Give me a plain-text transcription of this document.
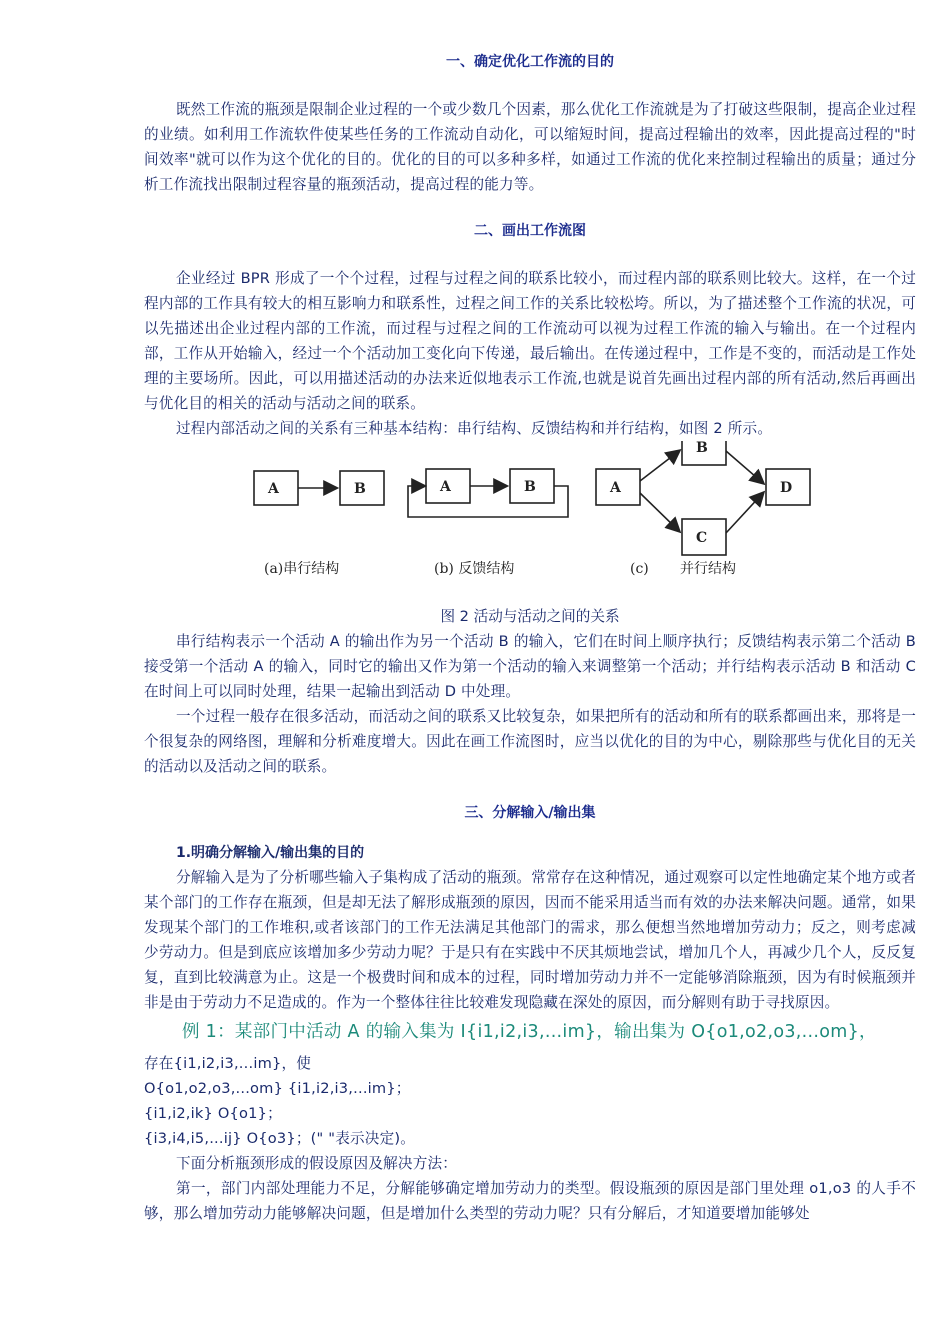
一、确定优化工作流的目的

既然工作流的瓶颈是限制企业过程的一个或少数几个因素，那么优化工作流就是为了打破这些限制，提高企业过程的业绩。如利用工作流软件使某些任务的工作流动自动化，可以缩短时间，提高过程输出的效率，因此提高过程的"时间效率"就可以作为这个优化的目的。优化的目的可以多种多样，如通过工作流的优化来控制过程输出的质量；通过分析工作流找出限制过程容量的瓶颈活动，提高过程的能力等。

二、画出工作流图

企业经过 BPR 形成了一个个过程，过程与过程之间的联系比较小，而过程内部的联系则比较大。这样，在一个过程内部的工作具有较大的相互影响力和联系性，过程之间工作的关系比较松垮。所以，为了描述整个工作流的状况，可以先描述出企业过程内部的工作流，而过程与过程之间的工作流动可以视为过程工作流的输入与输出。在一个过程内部，工作从开始输入，经过一个个活动加工变化向下传递，最后输出。在传递过程中，工作是不变的，而活动是工作处理的主要场所。因此，可以用描述活动的办法来近似地表示工作流,也就是说首先画出过程内部的所有活动,然后再画出与优化目的相关的活动与活动之间的联系。

过程内部活动之间的关系有三种基本结构：串行结构、反馈结构和并行结构，如图 2 所示。

A	B
(a)串行结构
A	B
(b) 反馈结构
A
B
C
D
(c) 并行结构

图 2 活动与活动之间的关系

串行结构表示一个活动 A 的输出作为另一个活动 B 的输入，它们在时间上顺序执行；反馈结构表示第二个活动 B 接受第一个活动 A 的输入，同时它的输出又作为第一个活动的输入来调整第一个活动；并行结构表示活动 B 和活动 C 在时间上可以同时处理，结果一起输出到活动 D 中处理。

一个过程一般存在很多活动，而活动之间的联系又比较复杂，如果把所有的活动和所有的联系都画出来，那将是一个很复杂的网络图，理解和分析难度增大。因此在画工作流图时，应当以优化的目的为中心，剔除那些与优化目的无关的活动以及活动之间的联系。

三、分解输入/输出集

1.明确分解输入/输出集的目的

分解输入是为了分析哪些输入子集构成了活动的瓶颈。常常存在这种情况，通过观察可以定性地确定某个地方或者某个部门的工作存在瓶颈，但是却无法了解形成瓶颈的原因，因而不能采用适当而有效的办法来解决问题。通常，如果发现某个部门的工作堆积,或者该部门的工作无法满足其他部门的需求，那么便想当然地增加劳动力；反之，则考虑减少劳动力。但是到底应该增加多少劳动力呢？于是只有在实践中不厌其烦地尝试，增加几个人，再减少几个人，反反复复，直到比较满意为止。这是一个极费时间和成本的过程，同时增加劳动力并不一定能够消除瓶颈，因为有时候瓶颈并非是由于劳动力不足造成的。作为一个整体往往比较难发现隐藏在深处的原因，而分解则有助于寻找原因。

例 1：某部门中活动 A 的输入集为 I{i1,i2,i3,...im}，输出集为 O{o1,o2,o3,...om}，

存在{i1,i2,i3,...im}，使

O{o1,o2,o3,...om} {i1,i2,i3,...im}；

{i1,i2,ik} O{o1}；

{i3,i4,i5,...ij} O{o3}；(" "表示决定)。

下面分析瓶颈形成的假设原因及解决方法：

第一，部门内部处理能力不足，分解能够确定增加劳动力的类型。假设瓶颈的原因是部门里处理 o1,o3 的人手不够，那么增加劳动力能够解决问题，但是增加什么类型的劳动力呢？只有分解后，才知道要增加能够处
